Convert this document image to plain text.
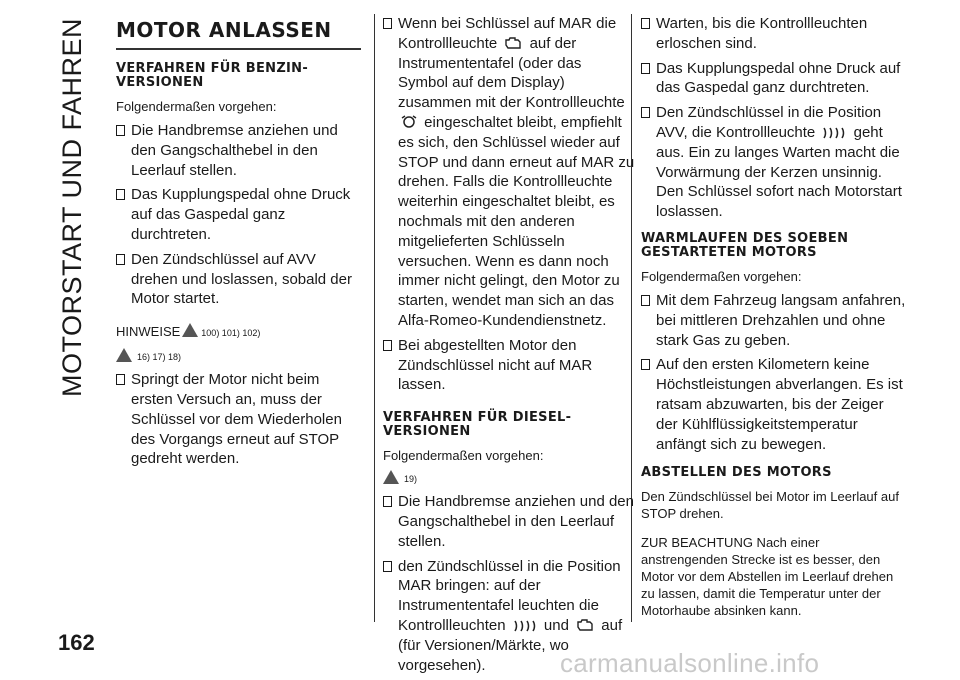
MOTORSTART UND FAHREN
162
carmanualsonline.info
MOTOR ANLASSEN
VERFAHREN FÜR BENZIN-VERSIONEN

Folgendermaßen vorgehen:

Die Handbremse anziehen und den Gangschalthebel in den Leerlauf stellen.
Das Kupplungspedal ohne Druck auf das Gaspedal ganz durchtreten.
Den Zündschlüssel auf AVV drehen und loslassen, sobald der Motor startet.
HINWEISE 100) 101) 102)
16) 17) 18)
Springt der Motor nicht beim ersten Versuch an, muss der Schlüssel vor dem Wiederholen des Vorgangs erneut auf STOP gedreht werden.
Wenn bei Schlüssel auf MAR die Kontrollleuchte auf der Instrumententafel (oder das Symbol auf dem Display) zusammen mit der Kontrollleuchte  eingeschaltet bleibt, empfiehlt es sich, den Schlüssel wieder auf STOP und dann erneut auf MAR zu drehen. Falls die Kontrollleuchte weiterhin eingeschaltet bleibt, es nochmals mit den anderen mitgelieferten Schlüsseln versuchen. Wenn es dann noch immer nicht gelingt, den Motor zu starten, wendet man sich an das Alfa-Romeo-Kundendienstnetz.
Bei abgestellten Motor den Zündschlüssel nicht auf MAR lassen.
VERFAHREN FÜR DIESEL-VERSIONEN

Folgendermaßen vorgehen:

19)
Die Handbremse anziehen und den Gangschalthebel in den Leerlauf stellen.
den Zündschlüssel in die Position MAR bringen: auf der Instrumententafel leuchten die Kontrollleuchten	und auf (für Versionen/Märkte, wo vorgesehen).
Warten, bis die Kontrollleuchten erloschen sind.
Das Kupplungspedal ohne Druck auf das Gaspedal ganz durchtreten.
Den Zündschlüssel in die Position AVV, die Kontrollleuchte	geht aus. Ein zu langes Warten macht die Vorwärmung der Kerzen unsinnig. Den Schlüssel sofort nach Motorstart loslassen.
WARMLAUFEN DES SOEBEN GESTARTETEN MOTORS

Folgendermaßen vorgehen:

Mit dem Fahrzeug langsam anfahren, bei mittleren Drehzahlen und ohne stark Gas zu geben.
Auf den ersten Kilometern keine Höchstleistungen abverlangen. Es ist ratsam abzuwarten, bis der Zeiger der Kühlflüssigkeitstemperatur anfängt sich zu bewegen.
ABSTELLEN DES MOTORS

Den Zündschlüssel bei Motor im Leerlauf auf STOP drehen.

ZUR BEACHTUNG Nach einer anstrengenden Strecke ist es besser, den Motor vor dem Abstellen im Leerlauf drehen zu lassen, damit die Temperatur unter der Motorhaube absinken kann.
